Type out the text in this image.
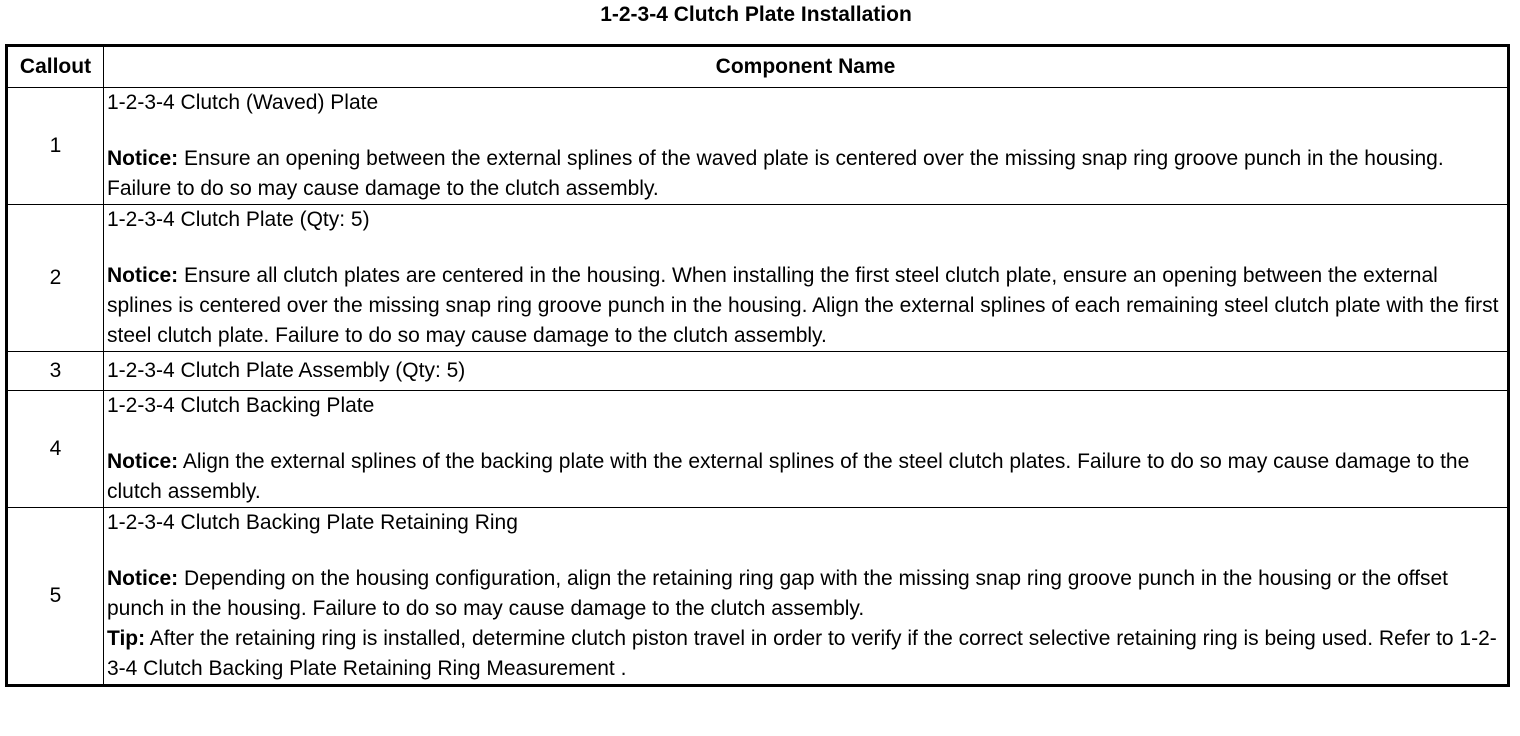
1-2-3-4 Clutch Plate Installation
Callout	Component Name
1	1-2-3-4 Clutch (Waved) Plate
Notice: Ensure an opening between the external splines of the waved plate is centered over the missing snap ring groove punch in the housing. Failure to do so may cause damage to the clutch assembly.

2	1-2-3-4 Clutch Plate (Qty: 5)
Notice: Ensure all clutch plates are centered in the housing. When installing the first steel clutch plate, ensure an opening between the external splines is centered over the missing snap ring groove punch in the housing. Align the external splines of each remaining steel clutch plate with the first steel clutch plate. Failure to do so may cause damage to the clutch assembly.

3	1-2-3-4 Clutch Plate Assembly (Qty: 5)

4	1-2-3-4 Clutch Backing Plate
Notice: Align the external splines of the backing plate with the external splines of the steel clutch plates. Failure to do so may cause damage to the clutch assembly.

5	1-2-3-4 Clutch Backing Plate Retaining Ring
Notice: Depending on the housing configuration, align the retaining ring gap with the missing snap ring groove punch in the housing or the offset punch in the housing. Failure to do so may cause damage to the clutch assembly.
Tip: After the retaining ring is installed, determine clutch piston travel in order to verify if the correct selective retaining ring is being used. Refer to 1-2-3-4 Clutch Backing Plate Retaining Ring Measurement .
